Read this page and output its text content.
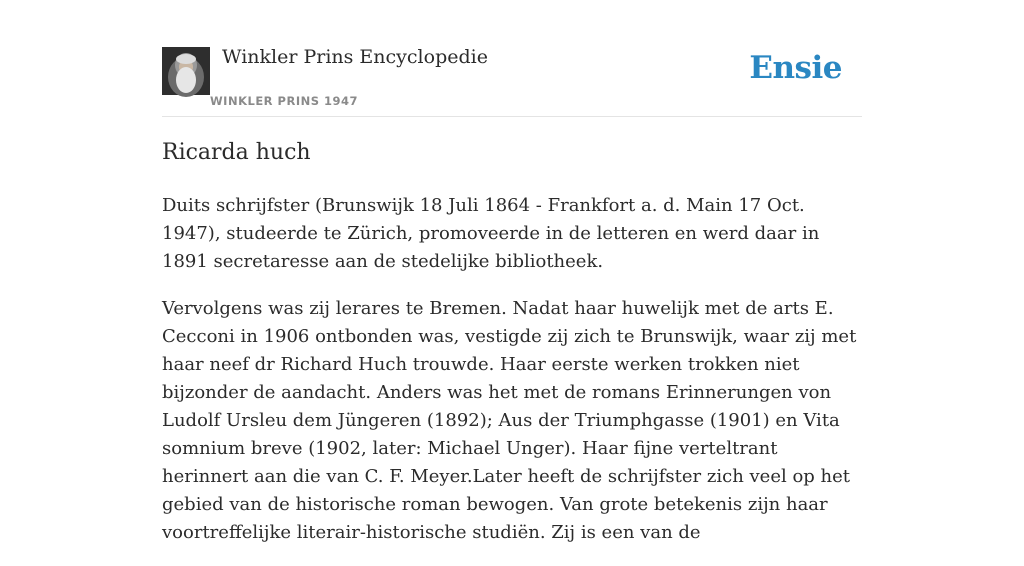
Winkler Prins Encyclopedie
WINKLER PRINS 1947
Ensie
Ricarda huch

Duits schrijfster (Brunswijk 18 Juli 1864 - Frankfort a. d. Main 17 Oct. 1947), studeerde te Zürich, promoveerde in de letteren en werd daar in 1891 secretaresse aan de stedelijke bibliotheek.

Vervolgens was zij lerares te Bremen. Nadat haar huwelijk met de arts E. Cecconi in 1906 ontbonden was, vestigde zij zich te Brunswijk, waar zij met haar neef dr Richard Huch trouwde. Haar eerste werken trokken niet bijzonder de aandacht. Anders was het met de romans Erinnerungen von Ludolf Ursleu dem Jüngeren (1892); Aus der Triumphgasse (1901) en Vita somnium breve (1902, later: Michael Unger). Haar fijne verteltrant herinnert aan die van C. F. Meyer.Later heeft de schrijfster zich veel op het gebied van de historische roman bewogen. Van grote betekenis zijn haar voortreffelijke literair-historische studiën. Zij is een van de
